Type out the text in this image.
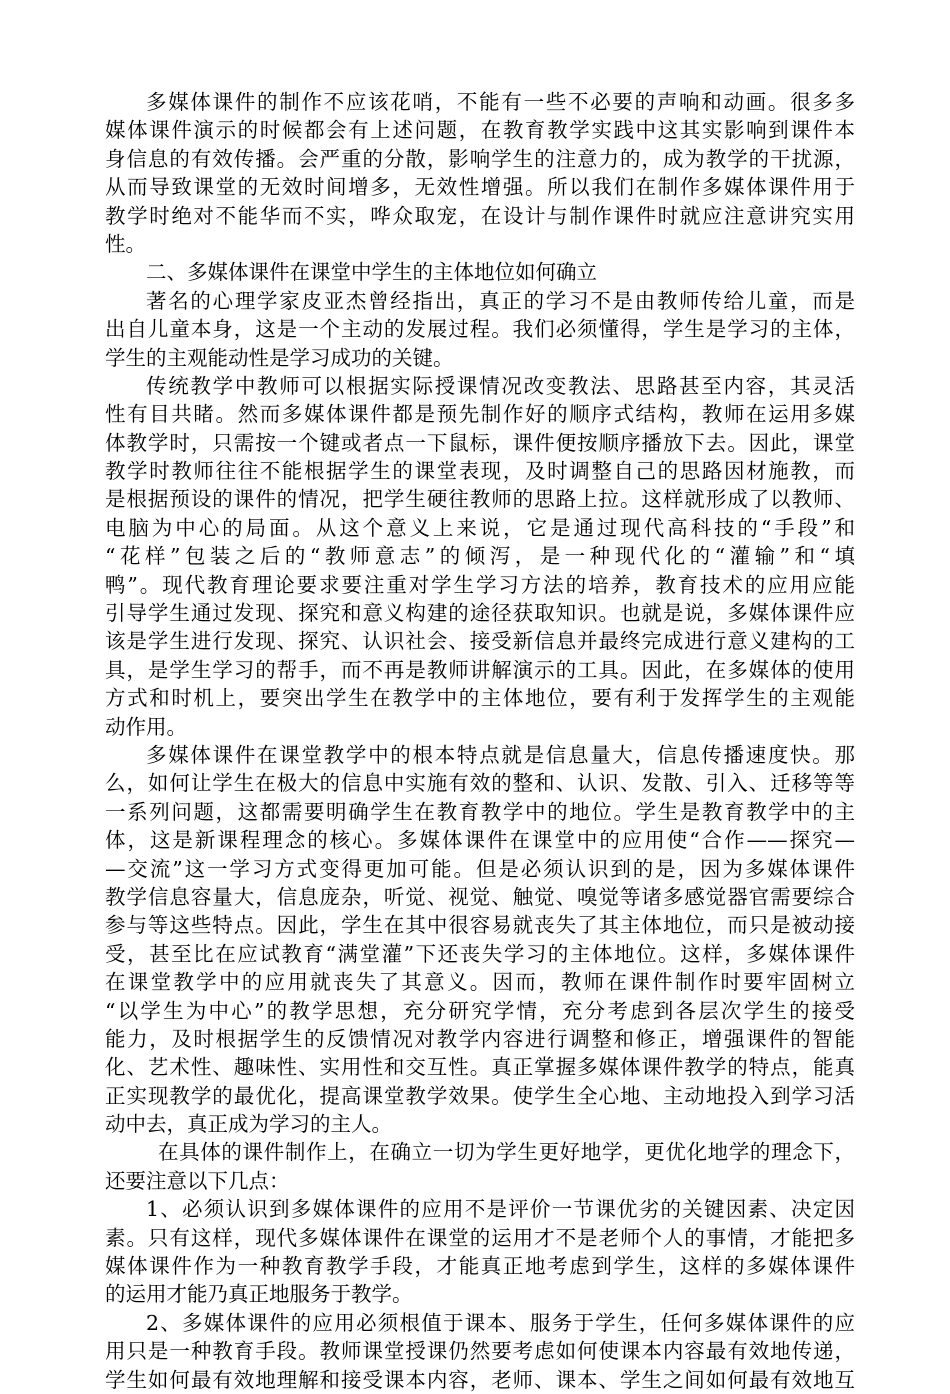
多媒体课件的制作不应该花哨，不能有一些不必要的声响和动画。很多多
媒体课件演示的时候都会有上述问题，在教育教学实践中这其实影响到课件本
身信息的有效传播。会严重的分散，影响学生的注意力的，成为教学的干扰源，
从而导致课堂的无效时间增多，无效性增强。所以我们在制作多媒体课件用于
教学时绝对不能华而不实，哗众取宠，在设计与制作课件时就应注意讲究实用
性。
二、多媒体课件在课堂中学生的主体地位如何确立
著名的心理学家皮亚杰曾经指出，真正的学习不是由教师传给儿童，而是
出自儿童本身，这是一个主动的发展过程。我们必须懂得，学生是学习的主体，
学生的主观能动性是学习成功的关键。
传统教学中教师可以根据实际授课情况改变教法、思路甚至内容，其灵活
性有目共睹。然而多媒体课件都是预先制作好的顺序式结构，教师在运用多媒
体教学时，只需按一个键或者点一下鼠标，课件便按顺序播放下去。因此，课堂
教学时教师往往不能根据学生的课堂表现，及时调整自己的思路因材施教，而
是根据预设的课件的情况，把学生硬往教师的思路上拉。这样就形成了以教师、
电脑为中心的局面。从这个意义上来说，它是通过现代高科技的“手段”和
“花样”包装之后的“教师意志”的倾泻，是一种现代化的“灌输”和“填
鸭”。现代教育理论要求要注重对学生学习方法的培养，教育技术的应用应能
引导学生通过发现、探究和意义构建的途径获取知识。也就是说，多媒体课件应
该是学生进行发现、探究、认识社会、接受新信息并最终完成进行意义建构的工
具，是学生学习的帮手，而不再是教师讲解演示的工具。因此，在多媒体的使用
方式和时机上，要突出学生在教学中的主体地位，要有利于发挥学生的主观能
动作用。
多媒体课件在课堂教学中的根本特点就是信息量大，信息传播速度快。那
么，如何让学生在极大的信息中实施有效的整和、认识、发散、引入、迁移等等
一系列问题，这都需要明确学生在教育教学中的地位。学生是教育教学中的主
体，这是新课程理念的核心。多媒体课件在课堂中的应用使“合作——探究—
—交流”这一学习方式变得更加可能。但是必须认识到的是，因为多媒体课件
教学信息容量大，信息庞杂，听觉、视觉、触觉、嗅觉等诸多感觉器官需要综合
参与等这些特点。因此，学生在其中很容易就丧失了其主体地位，而只是被动接
受，甚至比在应试教育“满堂灌”下还丧失学习的主体地位。这样，多媒体课件
在课堂教学中的应用就丧失了其意义。因而，教师在课件制作时要牢固树立
“以学生为中心”的教学思想，充分研究学情，充分考虑到各层次学生的接受
能力，及时根据学生的反馈情况对教学内容进行调整和修正，增强课件的智能
化、艺术性、趣味性、实用性和交互性。真正掌握多媒体课件教学的特点，能真
正实现教学的最优化，提高课堂教学效果。使学生全心地、主动地投入到学习活
动中去，真正成为学习的主人。
在具体的课件制作上，在确立一切为学生更好地学，更优化地学的理念下，
还要注意以下几点：
1、必须认识到多媒体课件的应用不是评价一节课优劣的关键因素、决定因
素。只有这样，现代多媒体课件在课堂的运用才不是老师个人的事情，才能把多
媒体课件作为一种教育教学手段，才能真正地考虑到学生，这样的多媒体课件
的运用才能乃真正地服务于教学。
2、多媒体课件的应用必须根值于课本、服务于学生，任何多媒体课件的应
用只是一种教育手段。教师课堂授课仍然要考虑如何使课本内容最有效地传递，
学生如何最有效地理解和接受课本内容，老师、课本、学生之间如何最有效地互
